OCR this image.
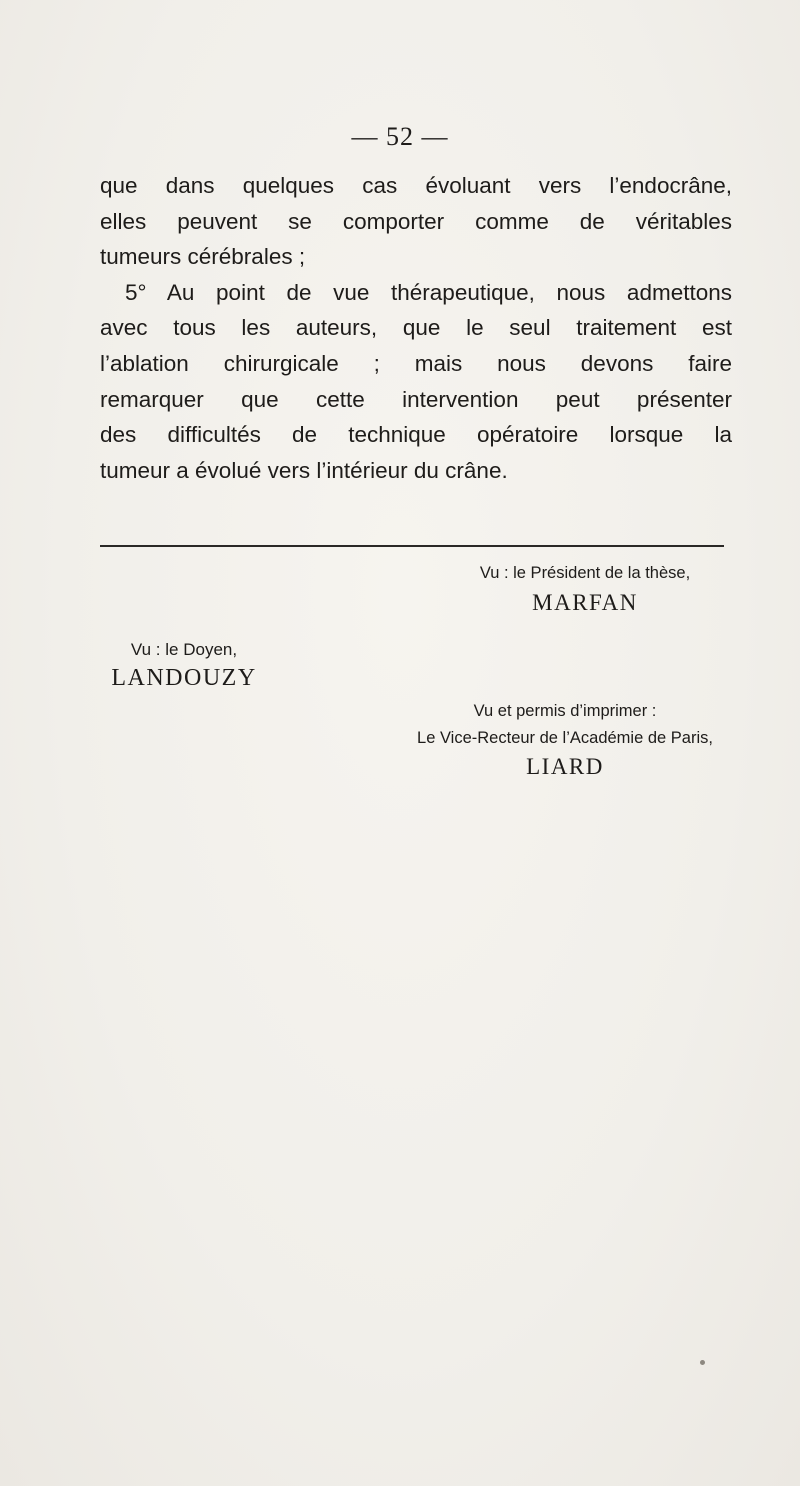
— 52 —
que dans quelques cas évoluant vers l’endocrâne,
elles peuvent se comporter comme de véritables
tumeurs cérébrales ;
5° Au point de vue thérapeutique, nous admettons
avec tous les auteurs, que le seul traitement est
l’ablation chirurgicale ; mais nous devons faire
remarquer que cette intervention peut présenter
des difficultés de technique opératoire lorsque la
tumeur a évolué vers l’intérieur du crâne.
Vu : le Président de la thèse,
MARFAN
Vu : le Doyen,
LANDOUZY
Vu et permis d’imprimer :
Le Vice-Recteur de l’Académie de Paris,
LIARD
